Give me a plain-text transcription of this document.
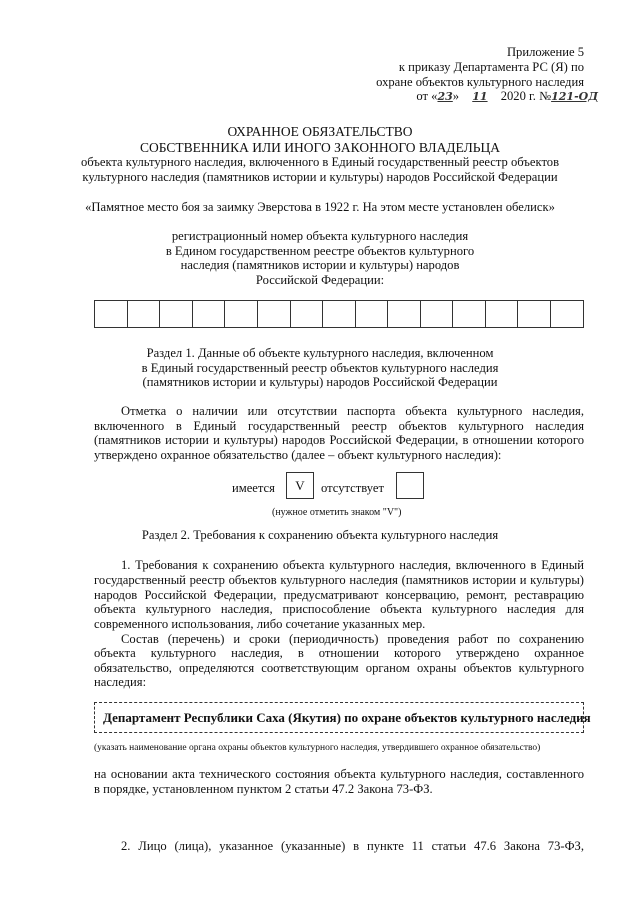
Приложение 5
к приказу Департамента РС (Я) по
охране объектов культурного наследия
от «23» 11 2020 г. №121-ОД
ОХРАННОЕ ОБЯЗАТЕЛЬСТВО
СОБСТВЕННИКА ИЛИ ИНОГО ЗАКОННОГО ВЛАДЕЛЬЦА
объекта культурного наследия, включенного в Единый государственный реестр объектов
культурного наследия (памятников истории и культуры) народов Российской Федерации
«Памятное место боя за заимку Эверстова в 1922 г. На этом месте установлен обелиск»
регистрационный номер объекта культурного наследия
в Едином государственном реестре объектов культурного
наследия (памятников истории и культуры) народов
Российской Федерации:
Раздел 1. Данные об объекте культурного наследия, включенном
в Единый государственный реестр объектов культурного наследия
(памятников истории и культуры) народов Российской Федерации
Отметка о наличии или отсутствии паспорта объекта культурного наследия,
включенного в Единый государственный реестр объектов культурного наследия
(памятников истории и культуры) народов Российской Федерации, в отношении которого
утверждено охранное обязательство (далее – объект культурного наследия):
имеется	V	отсутствует
(нужное отметить знаком "V")
Раздел 2. Требования к сохранению объекта культурного наследия
1. Требования к сохранению объекта культурного наследия, включенного в Единый
государственный реестр объектов культурного наследия (памятников истории и культуры)
народов Российской Федерации, предусматривают консервацию, ремонт, реставрацию
объекта культурного наследия, приспособление объекта культурного наследия для
современного использования, либо сочетание указанных мер.
Состав (перечень) и сроки (периодичность) проведения работ по сохранению
объекта культурного наследия, в отношении которого утверждено охранное
обязательство, определяются соответствующим органом охраны объектов культурного
наследия:
Департамент Республики Саха (Якутия) по охране объектов культурного наследия
(указать наименование органа охраны объектов культурного наследия, утвердившего охранное обязательство)
на основании акта технического состояния объекта культурного наследия, составленного
в порядке, установленном пунктом 2 статьи 47.2 Закона 73-ФЗ.
2. Лицо (лица), указанное (указанные) в пункте 11 статьи 47.6 Закона 73-ФЗ,
